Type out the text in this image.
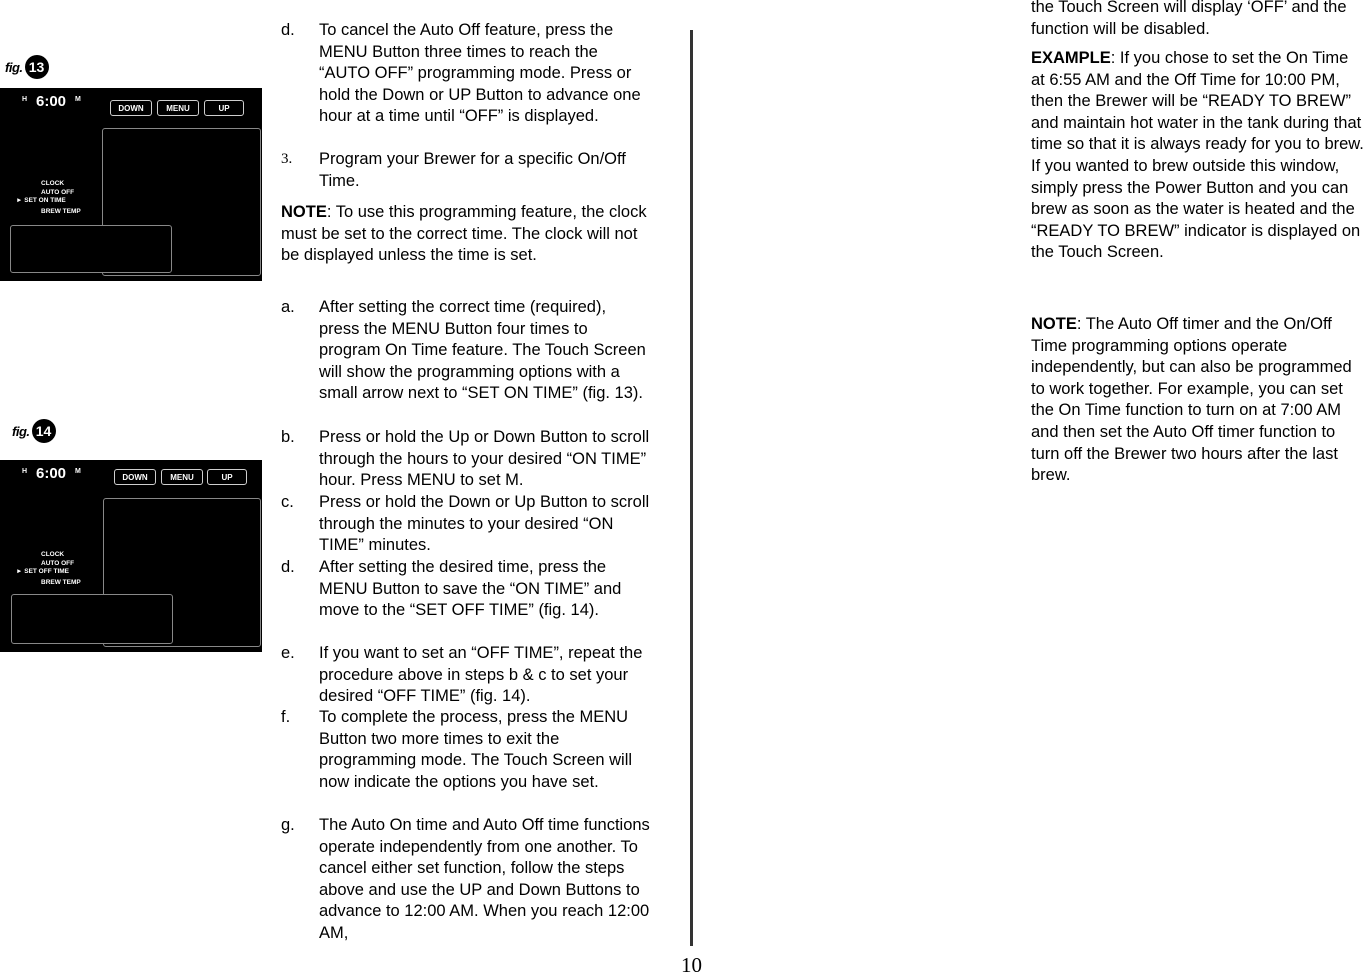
fig. 13
H 6:00 M
DOWN	MENU	UP
CLOCK
AUTO OFF
► SET ON TIME
BREW TEMP
fig. 14
H 6:00 M
DOWN	MENU	UP
CLOCK
AUTO OFF
► SET OFF TIME
BREW TEMP
d. To cancel the Auto Off feature, press the MENU Button three times to reach the “AUTO OFF” programming mode. Press or hold the Down or UP Button to advance one hour at a time until “OFF” is displayed.
3. Program your Brewer for a specific On/Off Time.
NOTE: To use this programming feature, the clock must be set to the correct time. The clock will not be displayed unless the time is set.
a. After setting the correct time (required), press the MENU Button four times to program On Time feature. The Touch Screen will show the programming options with a small arrow next to “SET ON TIME” (fig. 13).
b. Press or hold the Up or Down Button to scroll through the hours to your desired “ON TIME” hour. Press MENU to set M.
c. Press or hold the Down or Up Button to scroll through the minutes to your desired “ON TIME” minutes.
d. After setting the desired time, press the MENU Button to save the “ON TIME” and move to the “SET OFF TIME” (fig. 14).
e. If you want to set an “OFF TIME”, repeat the procedure above in steps b & c to set your desired “OFF TIME” (fig. 14).
f. To complete the process, press the MENU Button two more times to exit the programming mode. The Touch Screen will now indicate the options you have set.
g. The Auto On time and Auto Off time functions operate independently from one another. To cancel either set function, follow the steps above and use the UP and Down Buttons to advance to 12:00 AM. When you reach 12:00 AM,
10
the Touch Screen will display ‘OFF’ and the function will be disabled.
EXAMPLE: If you chose to set the On Time at 6:55 AM and the Off Time for 10:00 PM, then the Brewer will be “READY TO BREW” and maintain hot water in the tank during that time so that it is always ready for you to brew. If you wanted to brew outside this window, simply press the Power Button and you can brew as soon as the water is heated and the “READY TO BREW” indicator is displayed on the Touch Screen.
NOTE: The Auto Off timer and the On/Off Time programming options operate independently, but can also be programmed to work together. For example, you can set the On Time function to turn on at 7:00 AM and then set the Auto Off timer function to turn off the Brewer two hours after the last brew.
